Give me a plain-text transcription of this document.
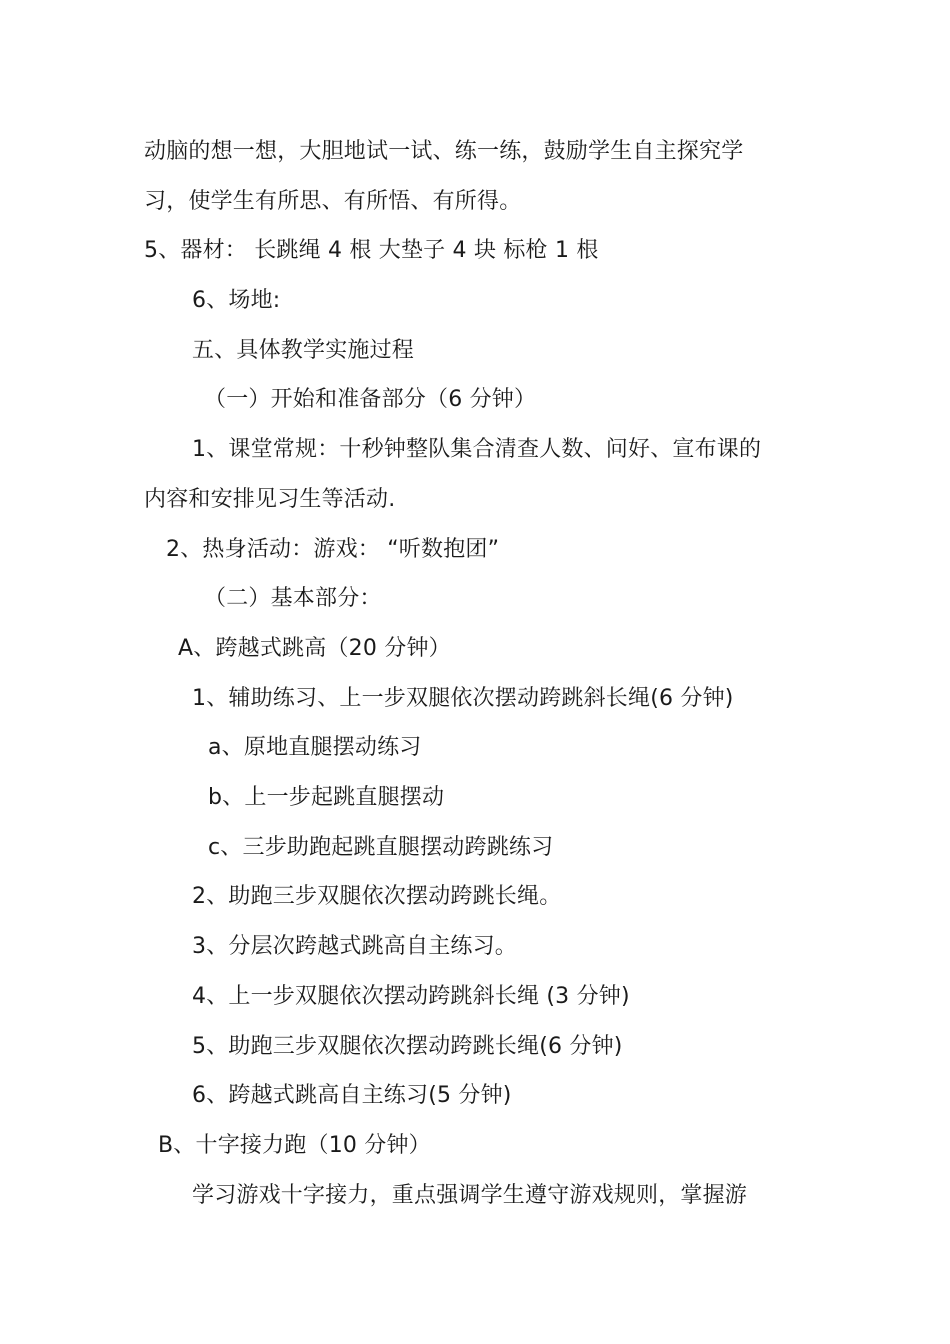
动脑的想一想，大胆地试一试、练一练，鼓励学生自主探究学
习，使学生有所思、有所悟、有所得。
5、器材： 长跳绳 4 根 大垫子 4 块 标枪 1 根
6、场地:
五、具体教学实施过程
（一）开始和准备部分（6 分钟）
1、课堂常规：十秒钟整队集合清查人数、问好、宣布课的
内容和安排见习生等活动.
2、热身活动：游戏： “听数抱团”
（二）基本部分：
A、跨越式跳高（20 分钟）
1、辅助练习、上一步双腿依次摆动跨跳斜长绳(6 分钟)
a、原地直腿摆动练习
b、上一步起跳直腿摆动
c、三步助跑起跳直腿摆动跨跳练习
2、助跑三步双腿依次摆动跨跳长绳。
3、分层次跨越式跳高自主练习。
4、上一步双腿依次摆动跨跳斜长绳 (3 分钟)
5、助跑三步双腿依次摆动跨跳长绳(6 分钟)
6、跨越式跳高自主练习(5 分钟)
B、十字接力跑（10 分钟）
学习游戏十字接力，重点强调学生遵守游戏规则，掌握游
